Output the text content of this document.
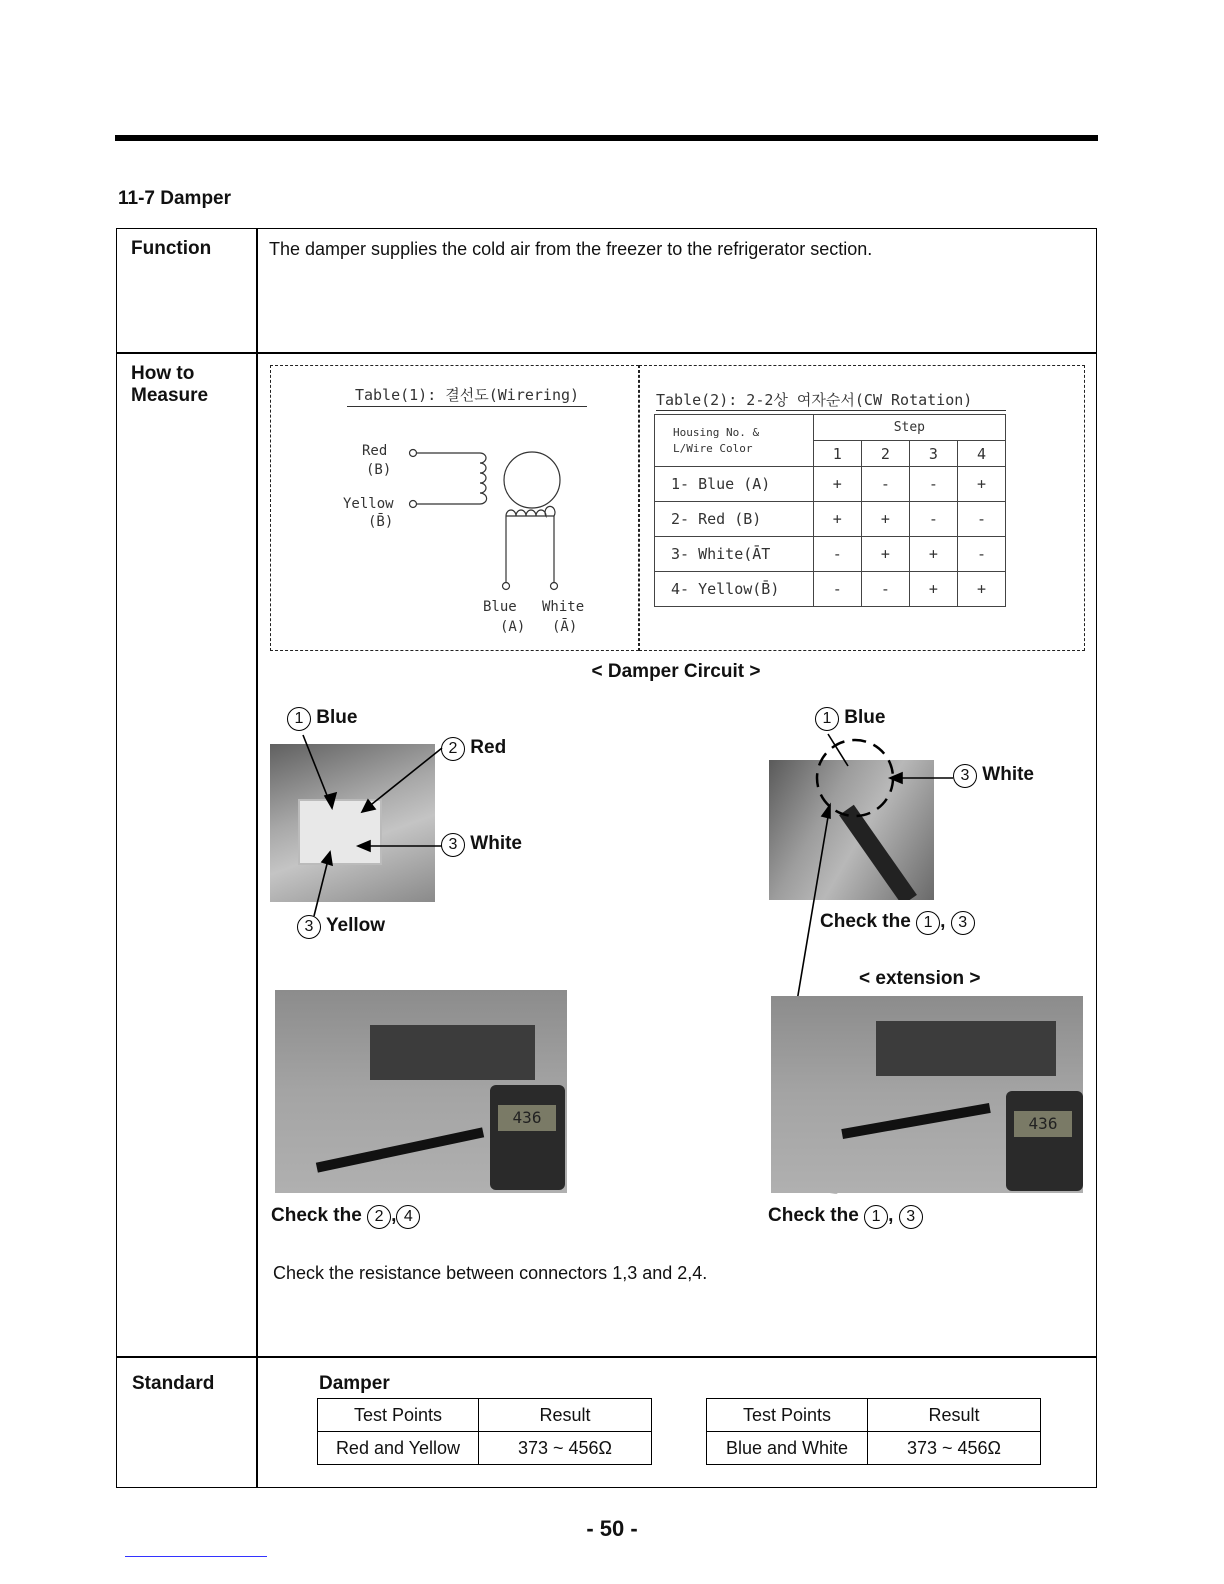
11-7 Damper
Function	The damper supplies the cold air from the freezer to the refrigerator section.
How to
Measure	Table(1): 결선도(Wirering)
Red
(B)
Yellow
(B̄)
Blue
(A)
White
(Ā)
Table(2): 2-2상 여자순서(CW Rotation)
Housing No. &
L/Wire Color	Step			
	1	2	3	4
1- Blue (A)	+	-	-	+
2- Red (B)	+	+	-	-
3- White(ĀT	-	+	+	-
4- Yellow(B̄)	-	-	+	+
< Damper Circuit >
1 Blue
2 Red
3 White
3 Yellow
1 Blue
3 White
Check the 1 , 3
< extension >
436	436
Check the 2 , 4	Check the 1 , 3
Check the resistance between connectors 1,3 and 2,4.
Standard	Damper
Test Points	Result
Red and Yellow	373 ~ 456Ω
Test Points	Result
Blue and White	373 ~ 456Ω
- 50 -
